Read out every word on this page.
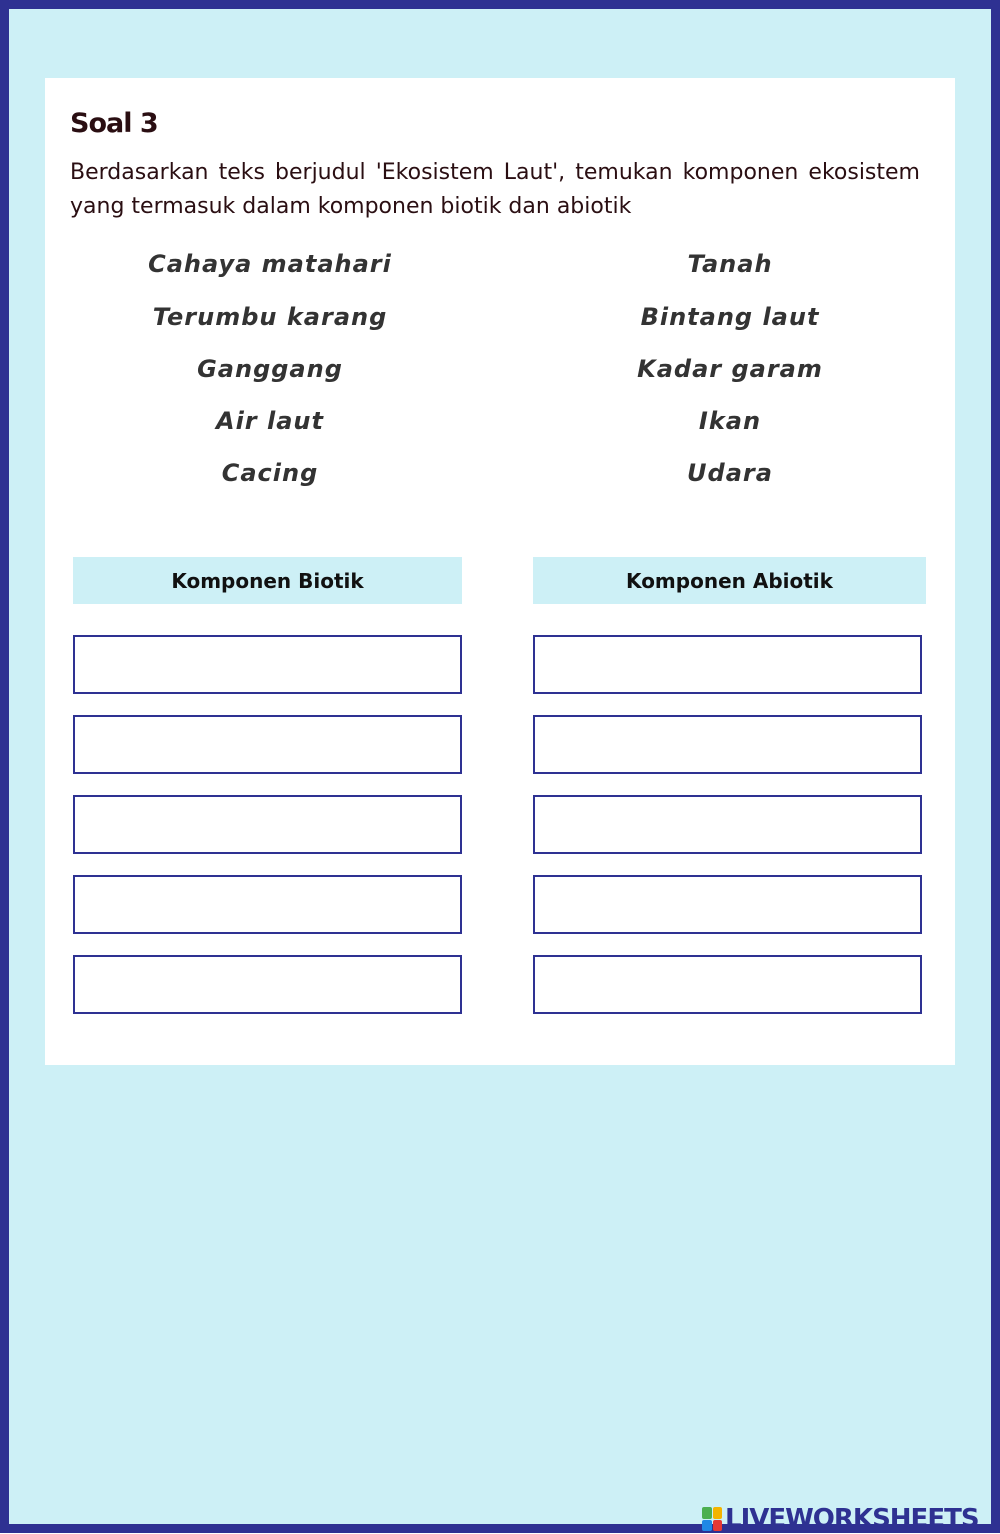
Soal 3
Berdasarkan teks berjudul 'Ekosistem Laut', temukan komponen ekosistem yang termasuk dalam komponen biotik dan abiotik
Cahaya matahari
Terumbu karang
Ganggang
Air laut
Cacing
Tanah
Bintang laut
Kadar garam
Ikan
Udara
Komponen Biotik	Komponen Abiotik
LIVEWORKSHEETS
